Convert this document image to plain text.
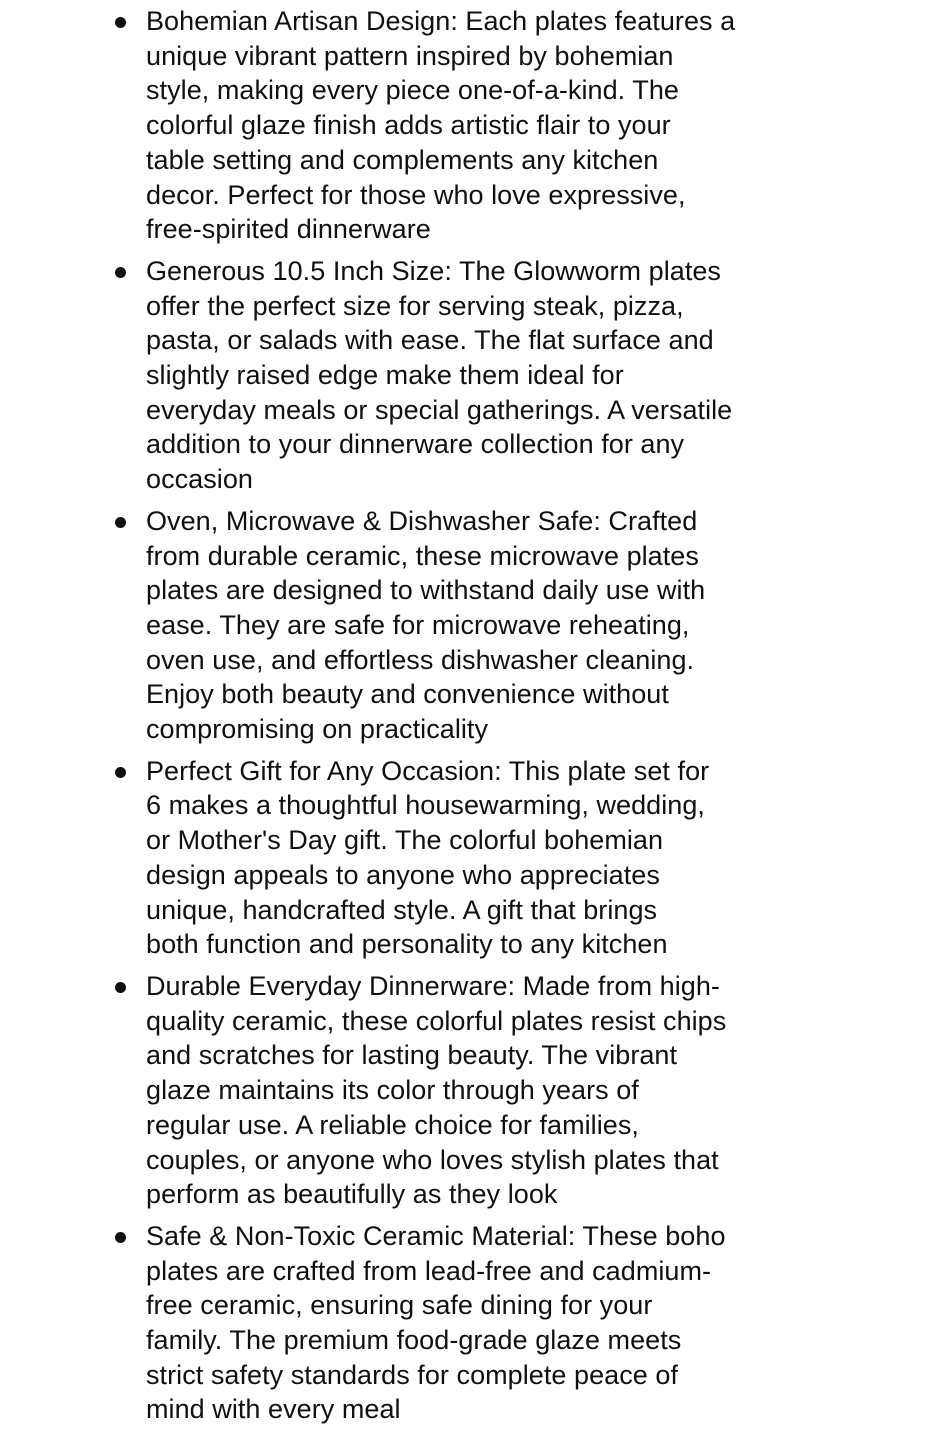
Bohemian Artisan Design: Each plates features a
unique vibrant pattern inspired by bohemian
style, making every piece one-of-a-kind. The
colorful glaze finish adds artistic flair to your
table setting and complements any kitchen
decor. Perfect for those who love expressive,
free-spirited dinnerware
Generous 10.5 Inch Size: The Glowworm plates
offer the perfect size for serving steak, pizza,
pasta, or salads with ease. The flat surface and
slightly raised edge make them ideal for
everyday meals or special gatherings. A versatile
addition to your dinnerware collection for any
occasion
Oven, Microwave & Dishwasher Safe: Crafted
from durable ceramic, these microwave plates
plates are designed to withstand daily use with
ease. They are safe for microwave reheating,
oven use, and effortless dishwasher cleaning.
Enjoy both beauty and convenience without
compromising on practicality
Perfect Gift for Any Occasion: This plate set for
6 makes a thoughtful housewarming, wedding,
or Mother's Day gift. The colorful bohemian
design appeals to anyone who appreciates
unique, handcrafted style. A gift that brings
both function and personality to any kitchen
Durable Everyday Dinnerware: Made from high-
quality ceramic, these colorful plates resist chips
and scratches for lasting beauty. The vibrant
glaze maintains its color through years of
regular use. A reliable choice for families,
couples, or anyone who loves stylish plates that
perform as beautifully as they look
Safe & Non-Toxic Ceramic Material: These boho
plates are crafted from lead-free and cadmium-
free ceramic, ensuring safe dining for your
family. The premium food-grade glaze meets
strict safety standards for complete peace of
mind with every meal
